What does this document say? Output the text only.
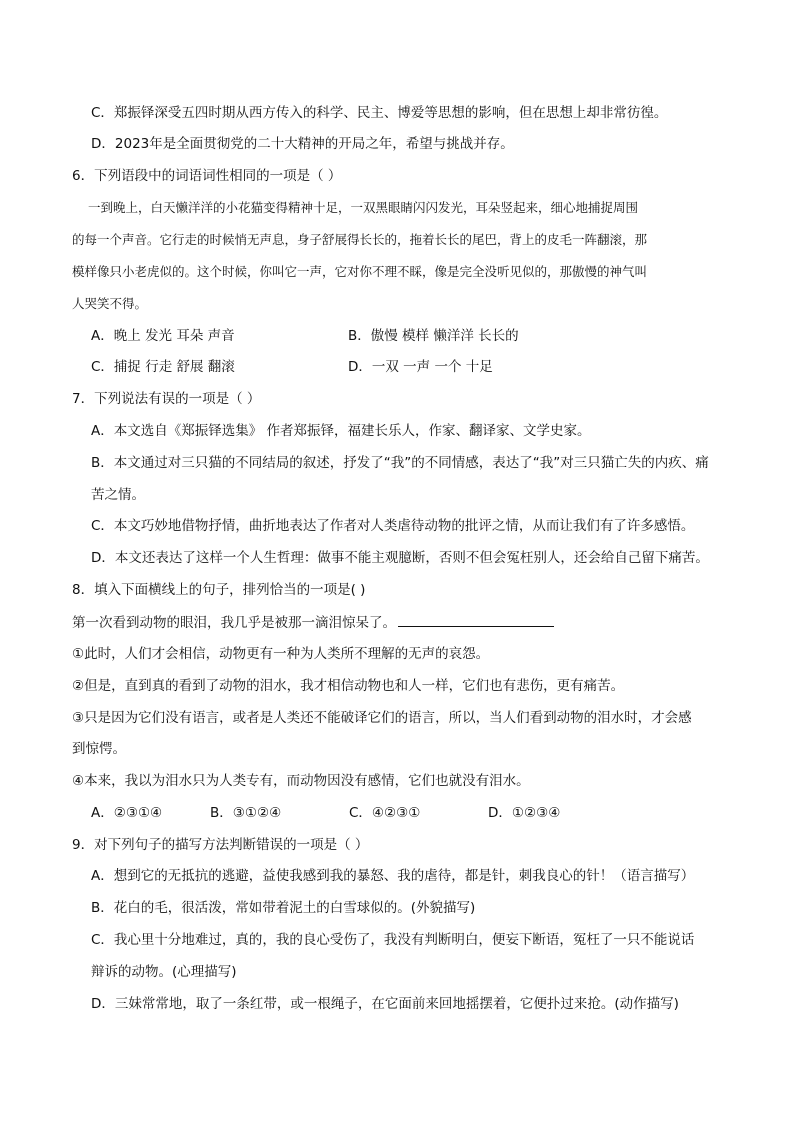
C．郑振铎深受五四时期从西方传入的科学、民主、博爱等思想的影响，但在思想上却非常彷徨。
D．2023年是全面贯彻党的二十大精神的开局之年，希望与挑战并存。
6．下列语段中的词语词性相同的一项是（ ）
一到晚上，白天懒洋洋的小花猫变得精神十足，一双黑眼睛闪闪发光，耳朵竖起来，细心地捕捉周围
的每一个声音。它行走的时候悄无声息，身子舒展得长长的，拖着长长的尾巴，背上的皮毛一阵翻滚，那
模样像只小老虎似的。这个时候，你叫它一声，它对你不理不睬，像是完全没听见似的，那傲慢的神气叫
人哭笑不得。
A．晚上 发光 耳朵 声音	B．傲慢 模样 懒洋洋 长长的
C．捕捉 行走 舒展 翻滚	D．一双 一声 一个 十足
7．下列说法有误的一项是（ ）
A．本文选自《郑振铎选集》 作者郑振铎，福建长乐人，作家、翻译家、文学史家。
B．本文通过对三只猫的不同结局的叙述，抒发了“我”的不同情感，表达了“我”对三只猫亡失的内疚、痛
苦之情。
C．本文巧妙地借物抒情，曲折地表达了作者对人类虐待动物的批评之情，从而让我们有了许多感悟。
D．本文还表达了这样一个人生哲理：做事不能主观臆断，否则不但会冤枉别人，还会给自己留下痛苦。
8．填入下面横线上的句子，排列恰当的一项是( )
第一次看到动物的眼泪，我几乎是被那一滴泪惊呆了。
①此时，人们才会相信，动物更有一种为人类所不理解的无声的哀怨。
②但是，直到真的看到了动物的泪水，我才相信动物也和人一样，它们也有悲伤，更有痛苦。
③只是因为它们没有语言，或者是人类还不能破译它们的语言，所以，当人们看到动物的泪水时，才会感
到惊愕。
④本来，我以为泪水只为人类专有，而动物因没有感情，它们也就没有泪水。
A．②③①④	B．③①②④	C．④②③①	D．①②③④
9．对下列句子的描写方法判断错误的一项是（ ）
A．想到它的无抵抗的逃避，益使我感到我的暴怒、我的虐待，都是针，刺我良心的针！（语言描写）
B．花白的毛，很活泼，常如带着泥土的白雪球似的。(外貌描写)
C．我心里十分地难过，真的，我的良心受伤了，我没有判断明白，便妄下断语，冤枉了一只不能说话
辩诉的动物。(心理描写)
D．三妹常常地，取了一条红带，或一根绳子，在它面前来回地摇摆着，它便扑过来抢。(动作描写)
